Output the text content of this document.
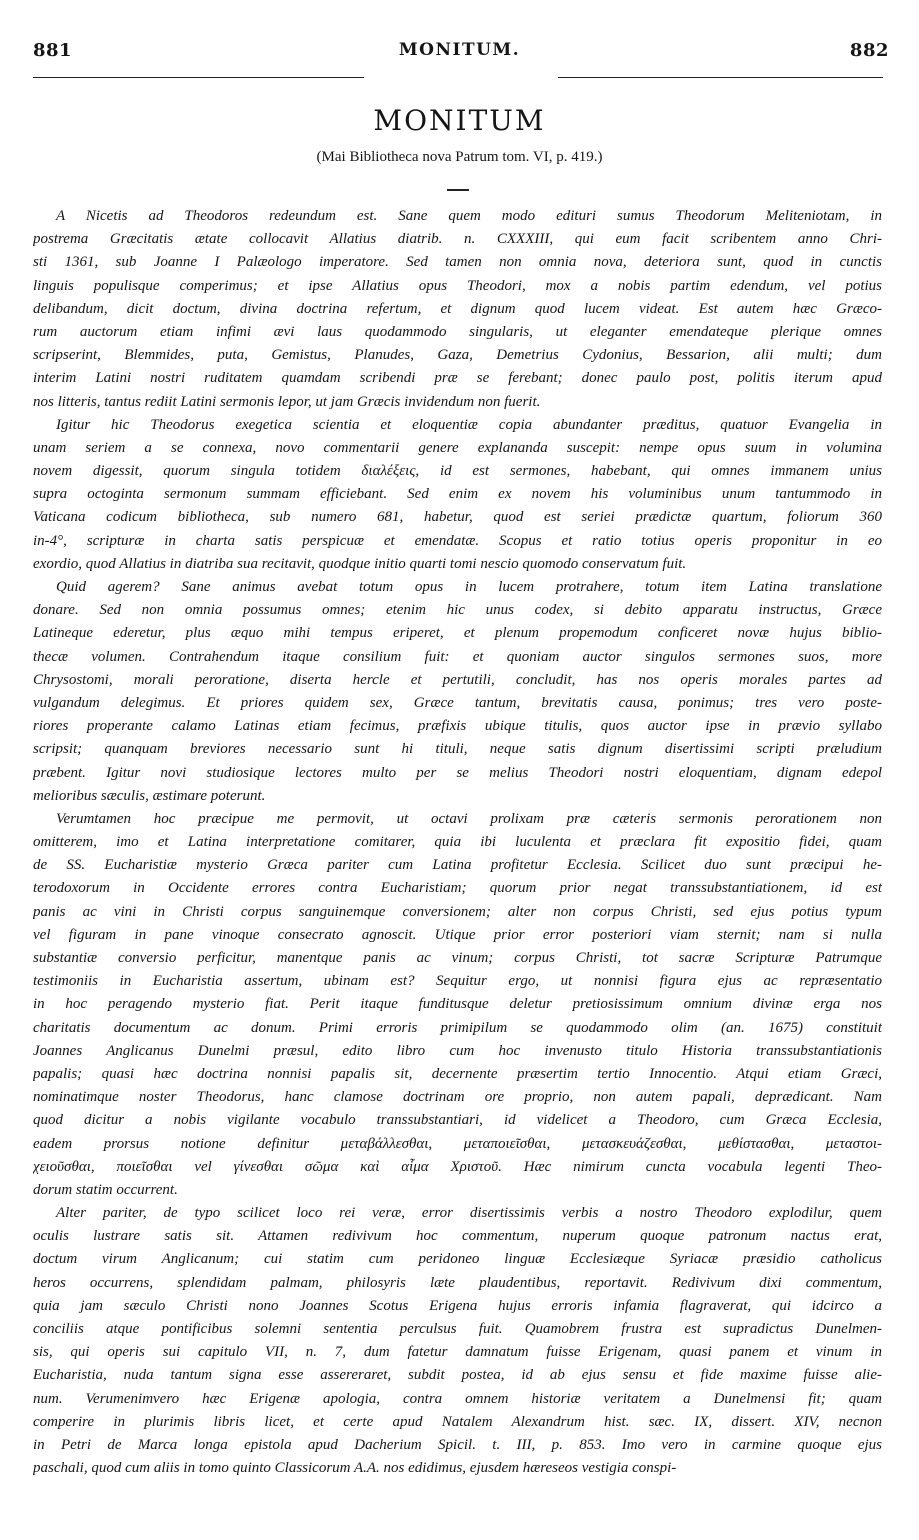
881	MONITUM.	882
MONITUM
(Mai Bibliotheca nova Patrum tom. VI, p. 419.)
A Nicetis ad Theodoros redeundum est. Sane quem modo edituri sumus Theodorum Meliteniotam, in
postrema Græcitatis ætate collocavit Allatius diatrib. n. CXXXIII, qui eum facit scribentem anno Chri-
sti 1361, sub Joanne I Palæologo imperatore. Sed tamen non omnia nova, deteriora sunt, quod in cunctis
linguis populisque comperimus; et ipse Allatius opus Theodori, mox a nobis partim edendum, vel potius
delibandum, dicit doctum, divina doctrina refertum, et dignum quod lucem videat. Est autem hæc Græco-
rum auctorum etiam infimi ævi laus quodammodo singularis, ut eleganter emendateque plerique omnes
scripserint, Blemmides, puta, Gemistus, Planudes, Gaza, Demetrius Cydonius, Bessarion, alii multi; dum
interim Latini nostri ruditatem quamdam scribendi præ se ferebant; donec paulo post, politis iterum apud
nos litteris, tantus rediit Latini sermonis lepor, ut jam Græcis invidendum non fuerit.
Igitur hic Theodorus exegetica scientia et eloquentiæ copia abundanter præditus, quatuor Evangelia in
unam seriem a se connexa, novo commentarii genere explananda suscepit: nempe opus suum in volumina
novem digessit, quorum singula totidem διαλέξεις, id est sermones, habebant, qui omnes immanem unius
supra octoginta sermonum summam efficiebant. Sed enim ex novem his voluminibus unum tantummodo in
Vaticana codicum bibliotheca, sub numero 681, habetur, quod est seriei prædictæ quartum, foliorum 360
in-4°, scripturæ in charta satis perspicuæ et emendatæ. Scopus et ratio totius operis proponitur in eo
exordio, quod Allatius in diatriba sua recitavit, quodque initio quarti tomi nescio quomodo conservatum fuit.
Quid agerem? Sane animus avebat totum opus in lucem protrahere, totum item Latina translatione
donare. Sed non omnia possumus omnes; etenim hic unus codex, si debito apparatu instructus, Græce
Latineque ederetur, plus æquo mihi tempus eriperet, et plenum propemodum conficeret novæ hujus biblio-
thecæ volumen. Contrahendum itaque consilium fuit: et quoniam auctor singulos sermones suos, more
Chrysostomi, morali peroratione, diserta hercle et pertutili, concludit, has nos operis morales partes ad
vulgandum delegimus. Et priores quidem sex, Græce tantum, brevitatis causa, ponimus; tres vero poste-
riores properante calamo Latinas etiam fecimus, præfixis ubique titulis, quos auctor ipse in prævio syllabo
scripsit; quanquam breviores necessario sunt hi tituli, neque satis dignum disertissimi scripti præludium
præbent. Igitur novi studiosique lectores multo per se melius Theodori nostri eloquentiam, dignam edepol
melioribus sæculis, æstimare poterunt.
Verumtamen hoc præcipue me permovit, ut octavi prolixam præ cæteris sermonis perorationem non
omitterem, imo et Latina interpretatione comitarer, quia ibi luculenta et præclara fit expositio fidei, quam
de SS. Eucharistiæ mysterio Græca pariter cum Latina profitetur Ecclesia. Scilicet duo sunt præcipui he-
terodoxorum in Occidente errores contra Eucharistiam; quorum prior negat transsubstantiationem, id est
panis ac vini in Christi corpus sanguinemque conversionem; alter non corpus Christi, sed ejus potius typum
vel figuram in pane vinoque consecrato agnoscit. Utique prior error posteriori viam sternit; nam si nulla
substantiæ conversio perficitur, manentque panis ac vinum; corpus Christi, tot sacræ Scripturæ Patrumque
testimoniis in Eucharistia assertum, ubinam est? Sequitur ergo, ut nonnisi figura ejus ac repræsentatio
in hoc peragendo mysterio fiat. Perit itaque funditusque deletur pretiosissimum omnium divinæ erga nos
charitatis documentum ac donum. Primi erroris primipilum se quodammodo olim (an. 1675) constituit
Joannes Anglicanus Dunelmi præsul, edito libro cum hoc invenusto titulo Historia transsubstantiationis
papalis; quasi hæc doctrina nonnisi papalis sit, decernente præsertim tertio Innocentio. Atqui etiam Græci,
nominatimque noster Theodorus, hanc clamose doctrinam ore proprio, non autem papali, deprædicant. Nam
quod dicitur a nobis vigilante vocabulo transsubstantiari, id videlicet a Theodoro, cum Græca Ecclesia,
eadem prorsus notione definitur μεταβάλλεσθαι, μεταποιεῖσθαι, μετασκευάζεσθαι, μεθίστασθαι, μεταστοι-
χειοῦσθαι, ποιεῖσθαι vel γίνεσθαι σῶμα καὶ αἷμα Χριστοῦ. Hæc nimirum cuncta vocabula legenti Theo-
dorum statim occurrent.
Alter pariter, de typo scilicet loco rei veræ, error disertissimis verbis a nostro Theodoro explodilur, quem
oculis lustrare satis sit. Attamen redivivum hoc commentum, nuperum quoque patronum nactus erat,
doctum virum Anglicanum; cui statim cum peridoneo linguæ Ecclesiæque Syriacæ præsidio catholicus
heros occurrens, splendidam palmam, philosyris læte plaudentibus, reportavit. Redivivum dixi commentum,
quia jam sæculo Christi nono Joannes Scotus Erigena hujus erroris infamia flagraverat, qui idcirco a
conciliis atque pontificibus solemni sententia perculsus fuit. Quamobrem frustra est supradictus Dunelmen-
sis, qui operis sui capitulo VII, n. 7, dum fatetur damnatum fuisse Erigenam, quasi panem et vinum in
Eucharistia, nuda tantum signa esse assereraret, subdit postea, id ab ejus sensu et fide maxime fuisse alie-
num. Verumenimvero hæc Erigenæ apologia, contra omnem historiæ veritatem a Dunelmensi fit; quam
comperire in plurimis libris licet, et certe apud Natalem Alexandrum hist. sæc. IX, dissert. XIV, necnon
in Petri de Marca longa epistola apud Dacherium Spicil. t. III, p. 853. Imo vero in carmine quoque ejus
paschali, quod cum aliis in tomo quinto Classicorum A.A. nos edidimus, ejusdem hæreseos vestigia conspi-
